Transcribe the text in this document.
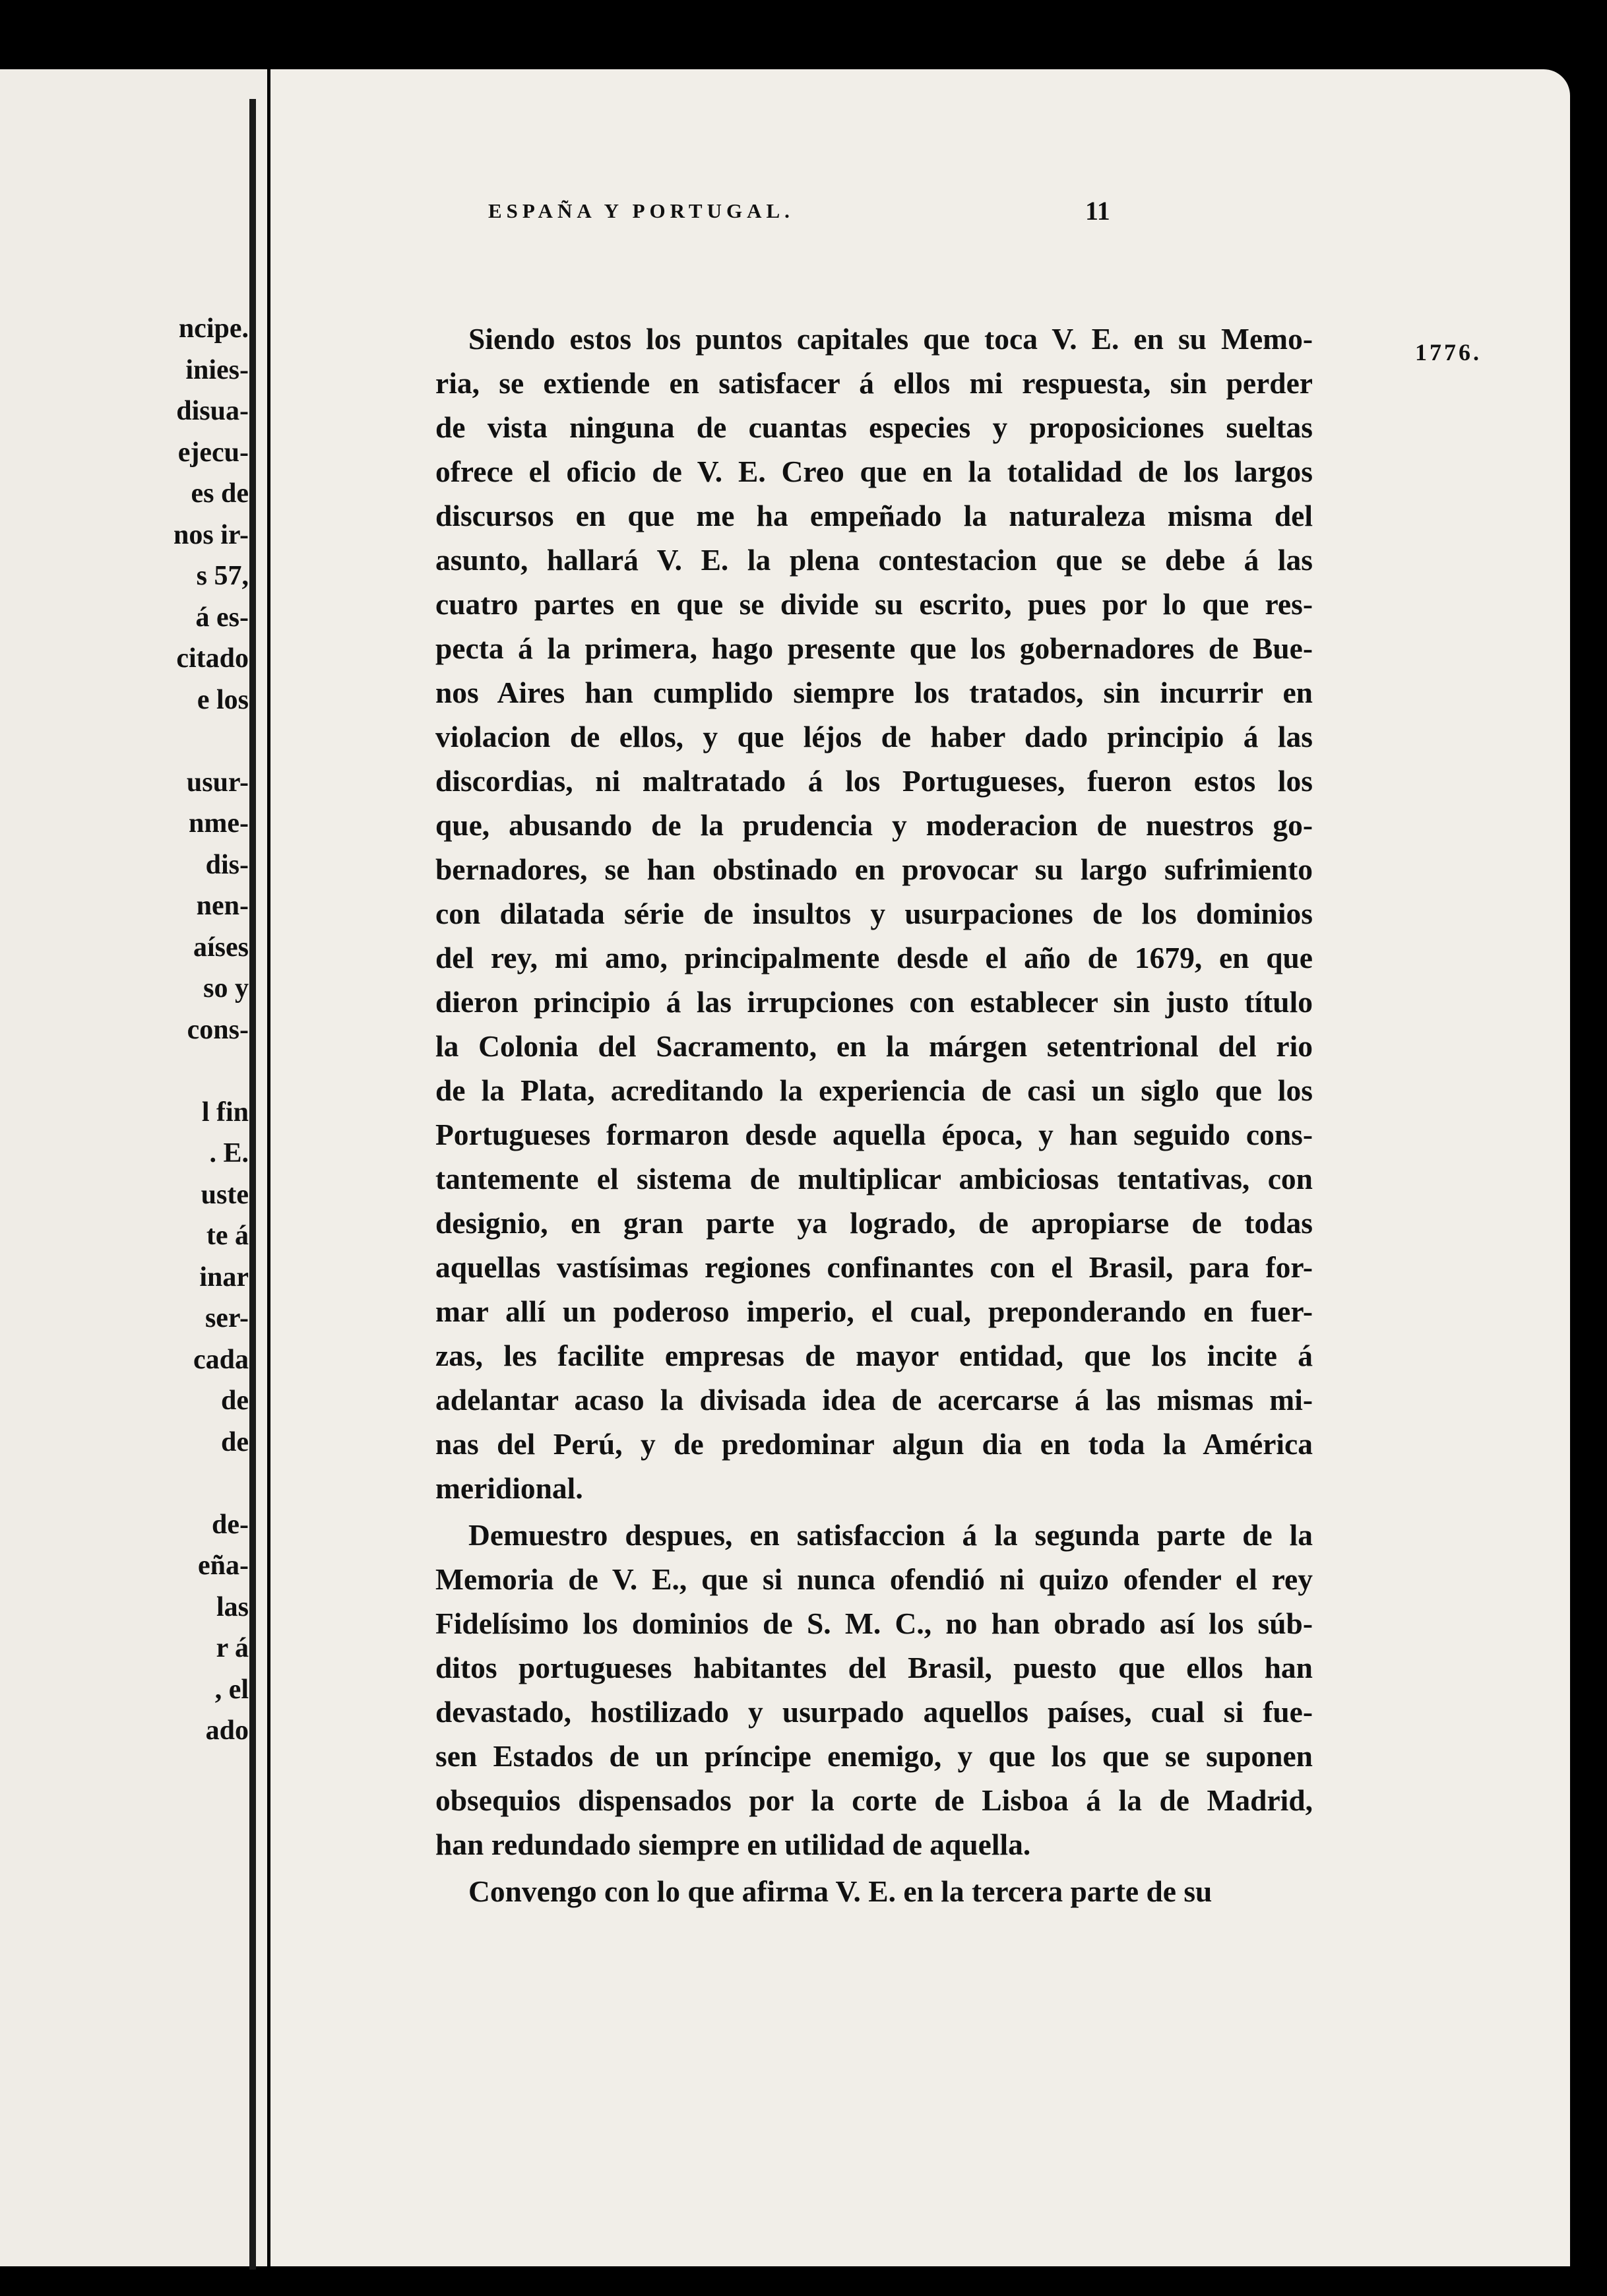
ncipe.
inies-
disua-
ejecu-
es de
nos ir-
s 57,
á es-
citado
e los

usur-
nme-
dis-
nen-
aíses
so y
cons-

l fin
. E.
uste
te á
inar
ser-
cada
de
de

de-
eña-
las
r á
, el
ado
ESPAÑA Y PORTUGAL.	11
1776.
Siendo estos los puntos capitales que toca V. E. en su Memo-
ria, se extiende en satisfacer á ellos mi respuesta, sin perder
de vista ninguna de cuantas especies y proposiciones sueltas
ofrece el oficio de V. E. Creo que en la totalidad de los largos
discursos en que me ha empeñado la naturaleza misma del
asunto, hallará V. E. la plena contestacion que se debe á las
cuatro partes en que se divide su escrito, pues por lo que res-
pecta á la primera, hago presente que los gobernadores de Bue-
nos Aires han cumplido siempre los tratados, sin incurrir en
violacion de ellos, y que léjos de haber dado principio á las
discordias, ni maltratado á los Portugueses, fueron estos los
que, abusando de la prudencia y moderacion de nuestros go-
bernadores, se han obstinado en provocar su largo sufrimiento
con dilatada série de insultos y usurpaciones de los dominios
del rey, mi amo, principalmente desde el año de 1679, en que
dieron principio á las irrupciones con establecer sin justo título
la Colonia del Sacramento, en la márgen setentrional del rio
de la Plata, acreditando la experiencia de casi un siglo que los
Portugueses formaron desde aquella época, y han seguido cons-
tantemente el sistema de multiplicar ambiciosas tentativas, con
designio, en gran parte ya logrado, de apropiarse de todas
aquellas vastísimas regiones confinantes con el Brasil, para for-
mar allí un poderoso imperio, el cual, preponderando en fuer-
zas, les facilite empresas de mayor entidad, que los incite á
adelantar acaso la divisada idea de acercarse á las mismas mi-
nas del Perú, y de predominar algun dia en toda la América
meridional.
Demuestro despues, en satisfaccion á la segunda parte de la
Memoria de V. E., que si nunca ofendió ni quizo ofender el rey
Fidelísimo los dominios de S. M. C., no han obrado así los súb-
ditos portugueses habitantes del Brasil, puesto que ellos han
devastado, hostilizado y usurpado aquellos países, cual si fue-
sen Estados de un príncipe enemigo, y que los que se suponen
obsequios dispensados por la corte de Lisboa á la de Madrid,
han redundado siempre en utilidad de aquella.
Convengo con lo que afirma V. E. en la tercera parte de su
